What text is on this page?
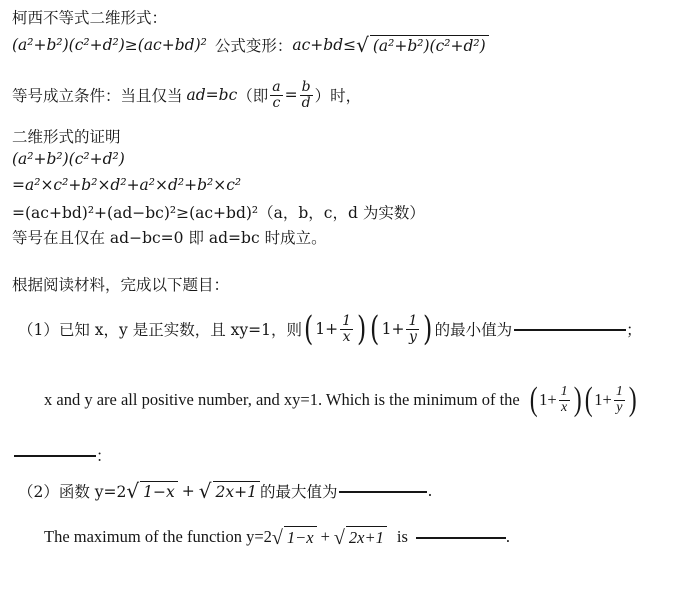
柯西不等式二维形式：
(a²+b²)(c²+d²)≥(ac+bd)² 公式变形： ac+bd≤ √ (a²+b²)(c²+d²)
等号成立条件：当且仅当 ad=bc （即 $\frac{a}{c} = \frac{b}{d}$ ）时，
二维形式的证明
(a²+b²)(c²+d²)
=a²×c²+b²×d²+a²×d²+b²×c²
=(ac+bd)²+(ad−bc)²≥(ac+bd)²（a，b，c，d 为实数）
等号在且仅在 ad−bc=0 即 ad=bc 时成立。
根据阅读材料，完成以下题目：
（1）已知 x，y 是正实数，且 xy=1，则 ( $1+ \frac{1}{x}$ ) ( $1+ \frac{1}{y}$ ) 的最小值为	；
x and y are all positive number, and xy=1. Which is the minimum of the ( $1+ \frac{1}{x}$ ) ( $1+ \frac{1}{y}$ )
：
（2）函数 y=2 √ 1−x + √ 2x+1 的最大值为	.
The maximum of the function y=2 √ 1−x + √ 2x+1 is	.
